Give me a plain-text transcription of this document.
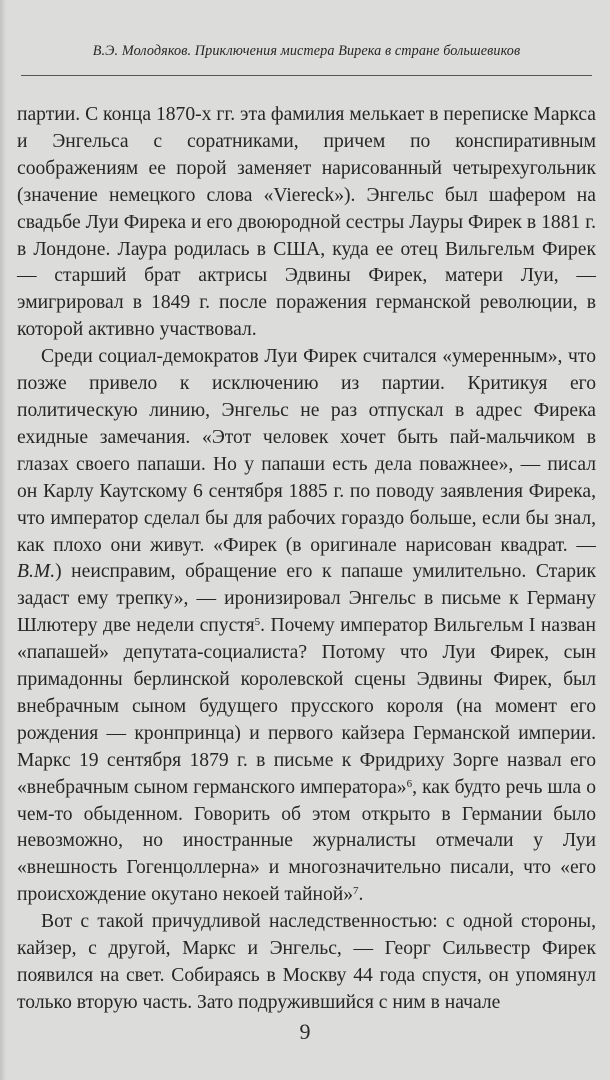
В.Э. Молодяков. Приключения мистера Вирека в стране большевиков

партии. С конца 1870-х гг. эта фамилия мелькает в переписке Маркса и Энгельса с соратниками, причем по конспиративным соображениям ее порой заменяет нарисованный четырехугольник (значение немецкого слова «Viereck»). Энгельс был шафером на свадьбе Луи Фирека и его двоюродной сестры Лауры Фирек в 1881 г. в Лондоне. Лаура родилась в США, куда ее отец Вильгельм Фирек — старший брат актрисы Эдвины Фирек, матери Луи, — эмигрировал в 1849 г. после поражения германской революции, в которой активно участвовал.

Среди социал-демократов Луи Фирек считался «умеренным», что позже привело к исключению из партии. Критикуя его политическую линию, Энгельс не раз отпускал в адрес Фирека ехидные замечания. «Этот человек хочет быть пай-мальчиком в глазах своего папаши. Но у папаши есть дела поважнее», — писал он Карлу Каутскому 6 сентября 1885 г. по поводу заявления Фирека, что император сделал бы для рабочих гораздо больше, если бы знал, как плохо они живут. «Фирек (в оригинале нарисован квадрат. — В.М.) неисправим, обращение его к папаше умилительно. Старик задаст ему трепку», — иронизировал Энгельс в письме к Герману Шлютеру две недели спустя$^5$. Почему император Вильгельм I назван «папашей» депутата-социалиста? Потому что Луи Фирек, сын примадонны берлинской королевской сцены Эдвины Фирек, был внебрачным сыном будущего прусского короля (на момент его рождения — кронпринца) и первого кайзера Германской империи. Маркс 19 сентября 1879 г. в письме к Фридриху Зорге назвал его «внебрачным сыном германского императора»$^6$, как будто речь шла о чем-то обыденном. Говорить об этом открыто в Германии было невозможно, но иностранные журналисты отмечали у Луи «внешность Гогенцоллерна» и многозначительно писали, что «его происхождение окутано некоей тайной»$^7$.

Вот с такой причудливой наследственностью: с одной стороны, кайзер, с другой, Маркс и Энгельс, — Георг Сильвестр Фирек появился на свет. Собираясь в Москву 44 года спустя, он упомянул только вторую часть. Зато подружившийся с ним в начале

9
